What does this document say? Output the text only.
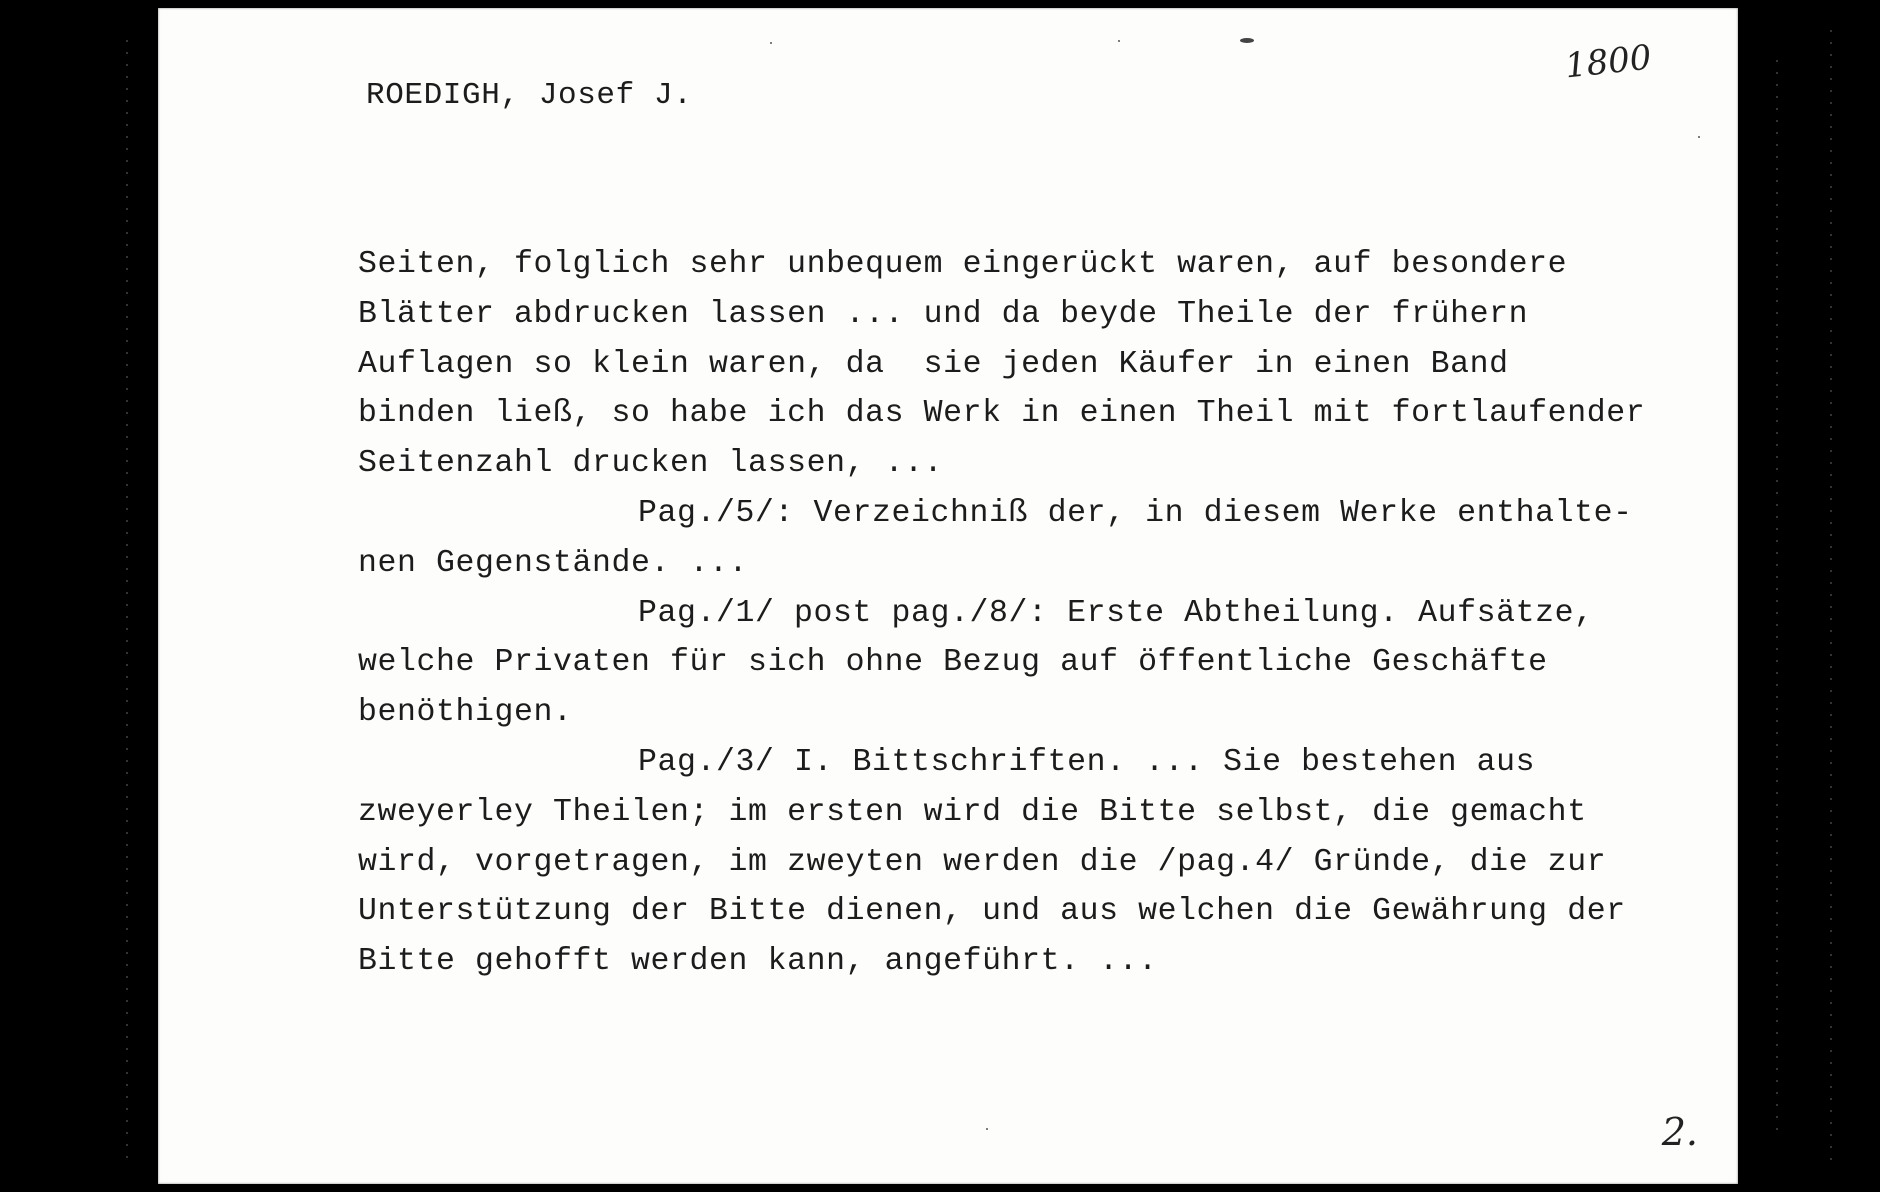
ROEDIGH, Josef J.
1800
Seiten, folglich sehr unbequem eingerückt waren, auf besondere
Blätter abdrucken lassen ... und da beyde Theile der frühern
Auflagen so klein waren, da  sie jeden Käufer in einen Band
binden ließ, so habe ich das Werk in einen Theil mit fortlaufender
Seitenzahl drucken lassen, ...
Pag./5/: Verzeichniß der, in diesem Werke enthalte-
nen Gegenstände. ...
Pag./1/ post pag./8/: Erste Abtheilung. Aufsätze,
welche Privaten für sich ohne Bezug auf öffentliche Geschäfte
benöthigen.
Pag./3/ I. Bittschriften. ... Sie bestehen aus
zweyerley Theilen; im ersten wird die Bitte selbst, die gemacht
wird, vorgetragen, im zweyten werden die /pag.4/ Gründe, die zur
Unterstützung der Bitte dienen, und aus welchen die Gewährung der
Bitte gehofft werden kann, angeführt. ...
2.
